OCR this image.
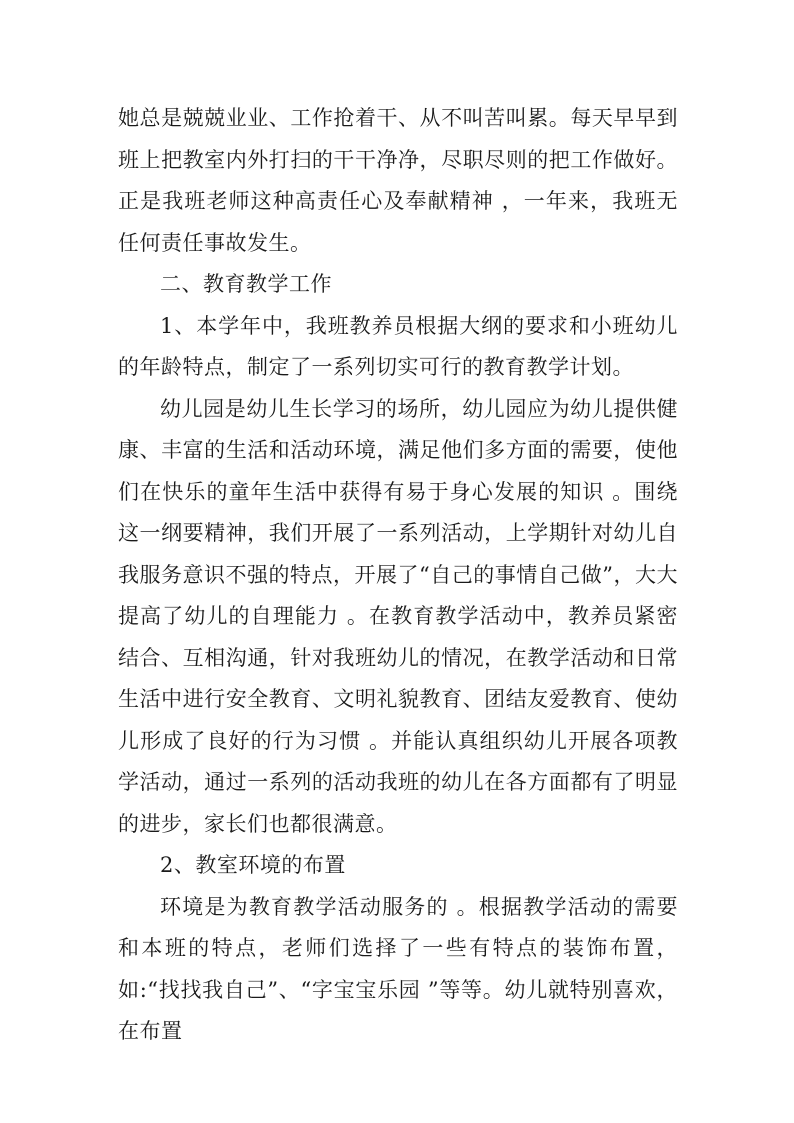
她总是兢兢业业、工作抢着干、从不叫苦叫累。每天早早到班上把教室内外打扫的干干净净，尽职尽则的把工作做好。正是我班老师这种高责任心及奉献精神 ，一年来，我班无任何责任事故发生。

二、教育教学工作

1、本学年中，我班教养员根据大纲的要求和小班幼儿的年龄特点，制定了一系列切实可行的教育教学计划。

幼儿园是幼儿生长学习的场所，幼儿园应为幼儿提供健康、丰富的生活和活动环境，满足他们多方面的需要，使他们在快乐的童年生活中获得有易于身心发展的知识 。围绕这一纲要精神，我们开展了一系列活动，上学期针对幼儿自我服务意识不强的特点，开展了“自己的事情自己做”，大大提高了幼儿的自理能力 。在教育教学活动中，教养员紧密结合、互相沟通，针对我班幼儿的情况，在教学活动和日常生活中进行安全教育、文明礼貌教育、团结友爱教育、使幼儿形成了良好的行为习惯 。并能认真组织幼儿开展各项教学活动，通过一系列的活动我班的幼儿在各方面都有了明显的进步，家长们也都很满意。

2、教室环境的布置

环境是为教育教学活动服务的 。根据教学活动的需要和本班的特点，老师们选择了一些有特点的装饰布置，如:“找找我自己”、“字宝宝乐园 ”等等。幼儿就特别喜欢，在布置
